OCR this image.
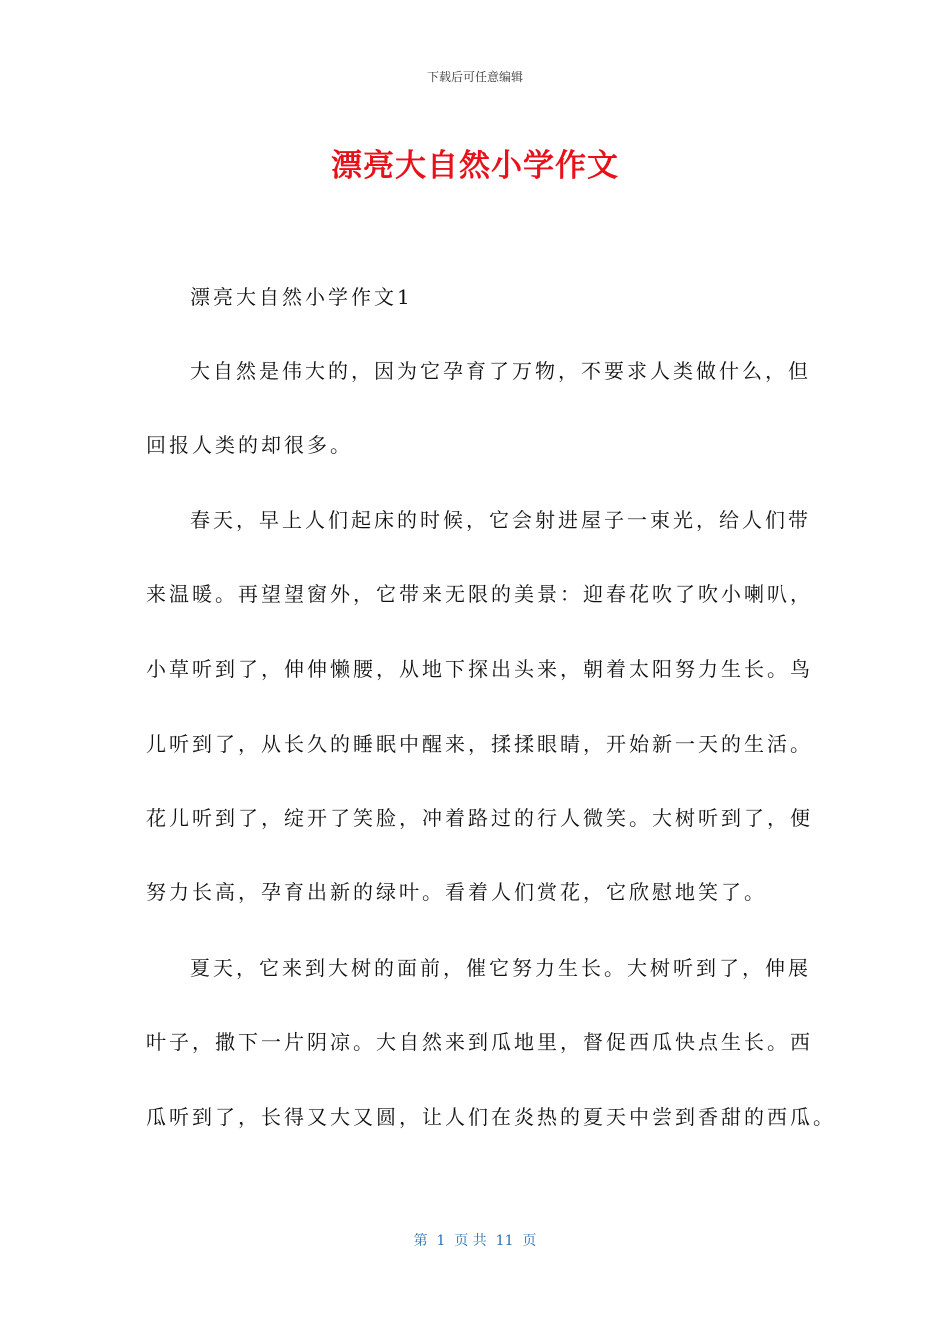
下载后可任意编辑
漂亮大自然小学作文
漂亮大自然小学作文1
大自然是伟大的，因为它孕育了万物，不要求人类做什么，但
回报人类的却很多。
春天，早上人们起床的时候，它会射进屋子一束光，给人们带
来温暖。再望望窗外，它带来无限的美景：迎春花吹了吹小喇叭，
小草听到了，伸伸懒腰，从地下探出头来，朝着太阳努力生长。鸟
儿听到了，从长久的睡眠中醒来，揉揉眼睛，开始新一天的生活。
花儿听到了，绽开了笑脸，冲着路过的行人微笑。大树听到了，便
努力长高，孕育出新的绿叶。看着人们赏花，它欣慰地笑了。
夏天，它来到大树的面前，催它努力生长。大树听到了，伸展
叶子，撒下一片阴凉。大自然来到瓜地里，督促西瓜快点生长。西
瓜听到了，长得又大又圆，让人们在炎热的夏天中尝到香甜的西瓜。
第  1  页 共  11  页
